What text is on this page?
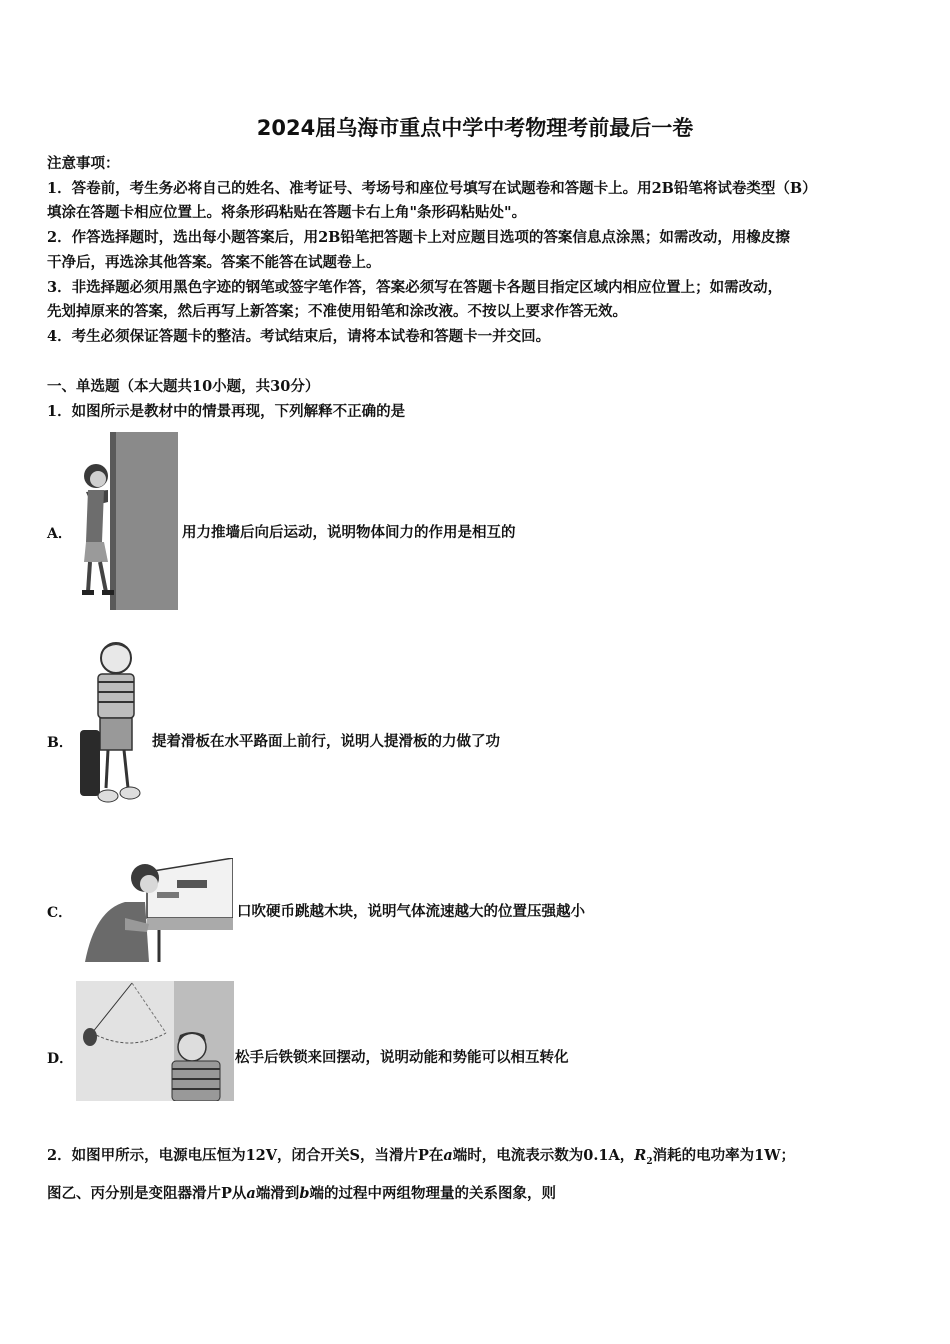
2024届乌海市重点中学中考物理考前最后一卷
注意事项：
1．答卷前，考生务必将自己的姓名、准考证号、考场号和座位号填写在试题卷和答题卡上。用2B铅笔将试卷类型（B）
填涂在答题卡相应位置上。将条形码粘贴在答题卡右上角"条形码粘贴处"。
2．作答选择题时，选出每小题答案后，用2B铅笔把答题卡上对应题目选项的答案信息点涂黑；如需改动，用橡皮擦
干净后，再选涂其他答案。答案不能答在试题卷上。
3．非选择题必须用黑色字迹的钢笔或签字笔作答，答案必须写在答题卡各题目指定区域内相应位置上；如需改动，
先划掉原来的答案，然后再写上新答案；不准使用铅笔和涂改液。不按以上要求作答无效。
4．考生必须保证答题卡的整洁。考试结束后，请将本试卷和答题卡一并交回。
一、单选题（本大题共10小题，共30分）
1．如图所示是教材中的情景再现，下列解释不正确的是
A．	用力推墙后向后运动，说明物体间力的作用是相互的
B．	提着滑板在水平路面上前行，说明人提滑板的力做了功
C．	口吹硬币跳越木块，说明气体流速越大的位置压强越小
D．	松手后铁锁来回摆动，说明动能和势能可以相互转化
2．如图甲所示，电源电压恒为12V，闭合开关S，当滑片P在a端时，电流表示数为0.1A，$R_2$消耗的电功率为1W；
图乙、丙分别是变阻器滑片P从a端滑到b端的过程中两组物理量的关系图象，则
